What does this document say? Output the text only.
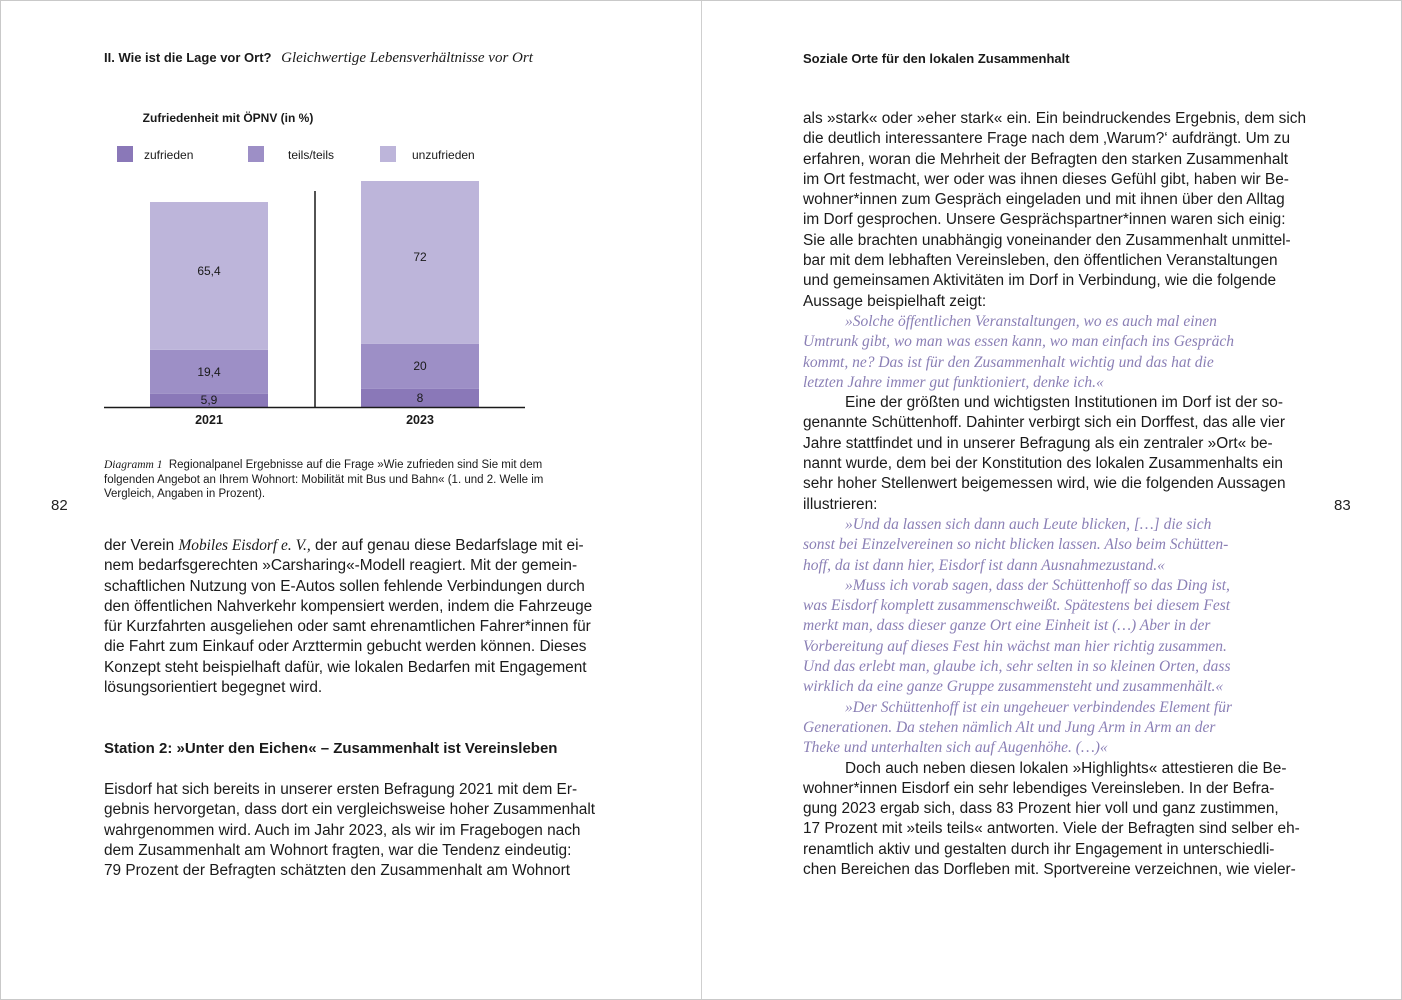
II. Wie ist die Lage vor Ort? Gleichwertige Lebensverhältnisse vor Ort
Zufriedenheit mit ÖPNV (in %)
zufrieden	teils/teils	unzufrieden
5,9
19,4
65,4
2021
8
20
72
2023
Diagramm 1 Regionalpanel Ergebnisse auf die Frage »Wie zufrieden sind Sie mit dem folgenden Angebot an Ihrem Wohnort: Mobilität mit Bus und Bahn« (1. und 2. Welle im Vergleich, Angaben in Prozent).
82

der Verein Mobiles Eisdorf e. V., der auf genau diese Bedarfslage mit ei-

nem bedarfsgerechten »Carsharing«-Modell reagiert. Mit der gemein-

schaftlichen Nutzung von E-Autos sollen fehlende Verbindungen durch

den öffentlichen Nahverkehr kompensiert werden, indem die Fahrzeuge

für Kurzfahrten ausgeliehen oder samt ehrenamtlichen Fahrer*innen für

die Fahrt zum Einkauf oder Arzttermin gebucht werden können. Dieses

Konzept steht beispielhaft dafür, wie lokalen Bedarfen mit Engagement

lösungsorientiert begegnet wird.

Station 2: »Unter den Eichen« – Zusammenhalt ist Vereinsleben

Eisdorf hat sich bereits in unserer ersten Befragung 2021 mit dem Er-

gebnis hervorgetan, dass dort ein vergleichsweise hoher Zusammenhalt

wahrgenommen wird. Auch im Jahr 2023, als wir im Fragebogen nach

dem Zusammenhalt am Wohnort fragten, war die Tendenz eindeutig:

79 Prozent der Befragten schätzten den Zusammenhalt am Wohnort

Soziale Orte für den lokalen Zusammenhalt
83
als »stark« oder »eher stark« ein. Ein beindruckendes Ergebnis, dem sich
die deutlich interessantere Frage nach dem ‚Warum?‘ aufdrängt. Um zu
erfahren, woran die Mehrheit der Befragten den starken Zusammenhalt
im Ort festmacht, wer oder was ihnen dieses Gefühl gibt, haben wir Be-
wohner*innen zum Gespräch eingeladen und mit ihnen über den Alltag
im Dorf gesprochen. Unsere Gesprächspartner*innen waren sich einig:
Sie alle brachten unabhängig voneinander den Zusammenhalt unmittel-
bar mit dem lebhaften Vereinsleben, den öffentlichen Veranstaltungen
und gemeinsamen Aktivitäten im Dorf in Verbindung, wie die folgende
Aussage beispielhaft zeigt:
»Solche öffentlichen Veranstaltungen, wo es auch mal einen
Umtrunk gibt, wo man was essen kann, wo man einfach ins Gespräch
kommt, ne? Das ist für den Zusammenhalt wichtig und das hat die
letzten Jahre immer gut funktioniert, denke ich.«
Eine der größten und wichtigsten Institutionen im Dorf ist der so-
genannte Schüttenhoff. Dahinter verbirgt sich ein Dorffest, das alle vier
Jahre stattfindet und in unserer Befragung als ein zentraler »Ort« be-
nannt wurde, dem bei der Konstitution des lokalen Zusammenhalts ein
sehr hoher Stellenwert beigemessen wird, wie die folgenden Aussagen
illustrieren:
»Und da lassen sich dann auch Leute blicken, […] die sich
sonst bei Einzelvereinen so nicht blicken lassen. Also beim Schütten-
hoff, da ist dann hier, Eisdorf ist dann Ausnahmezustand.«
»Muss ich vorab sagen, dass der Schüttenhoff so das Ding ist,
was Eisdorf komplett zusammenschweißt. Spätestens bei diesem Fest
merkt man, dass dieser ganze Ort eine Einheit ist (…) Aber in der
Vorbereitung auf dieses Fest hin wächst man hier richtig zusammen.
Und das erlebt man, glaube ich, sehr selten in so kleinen Orten, dass
wirklich da eine ganze Gruppe zusammensteht und zusammenhält.«
»Der Schüttenhoff ist ein ungeheuer verbindendes Element für
Generationen. Da stehen nämlich Alt und Jung Arm in Arm an der
Theke und unterhalten sich auf Augenhöhe. (…)«
Doch auch neben diesen lokalen »Highlights« attestieren die Be-
wohner*innen Eisdorf ein sehr lebendiges Vereinsleben. In der Befra-
gung 2023 ergab sich, dass 83 Prozent hier voll und ganz zustimmen,
17 Prozent mit »teils teils« antworten. Viele der Befragten sind selber eh-
renamtlich aktiv und gestalten durch ihr Engagement in unterschiedli-
chen Bereichen das Dorfleben mit. Sportvereine verzeichnen, wie vieler-
